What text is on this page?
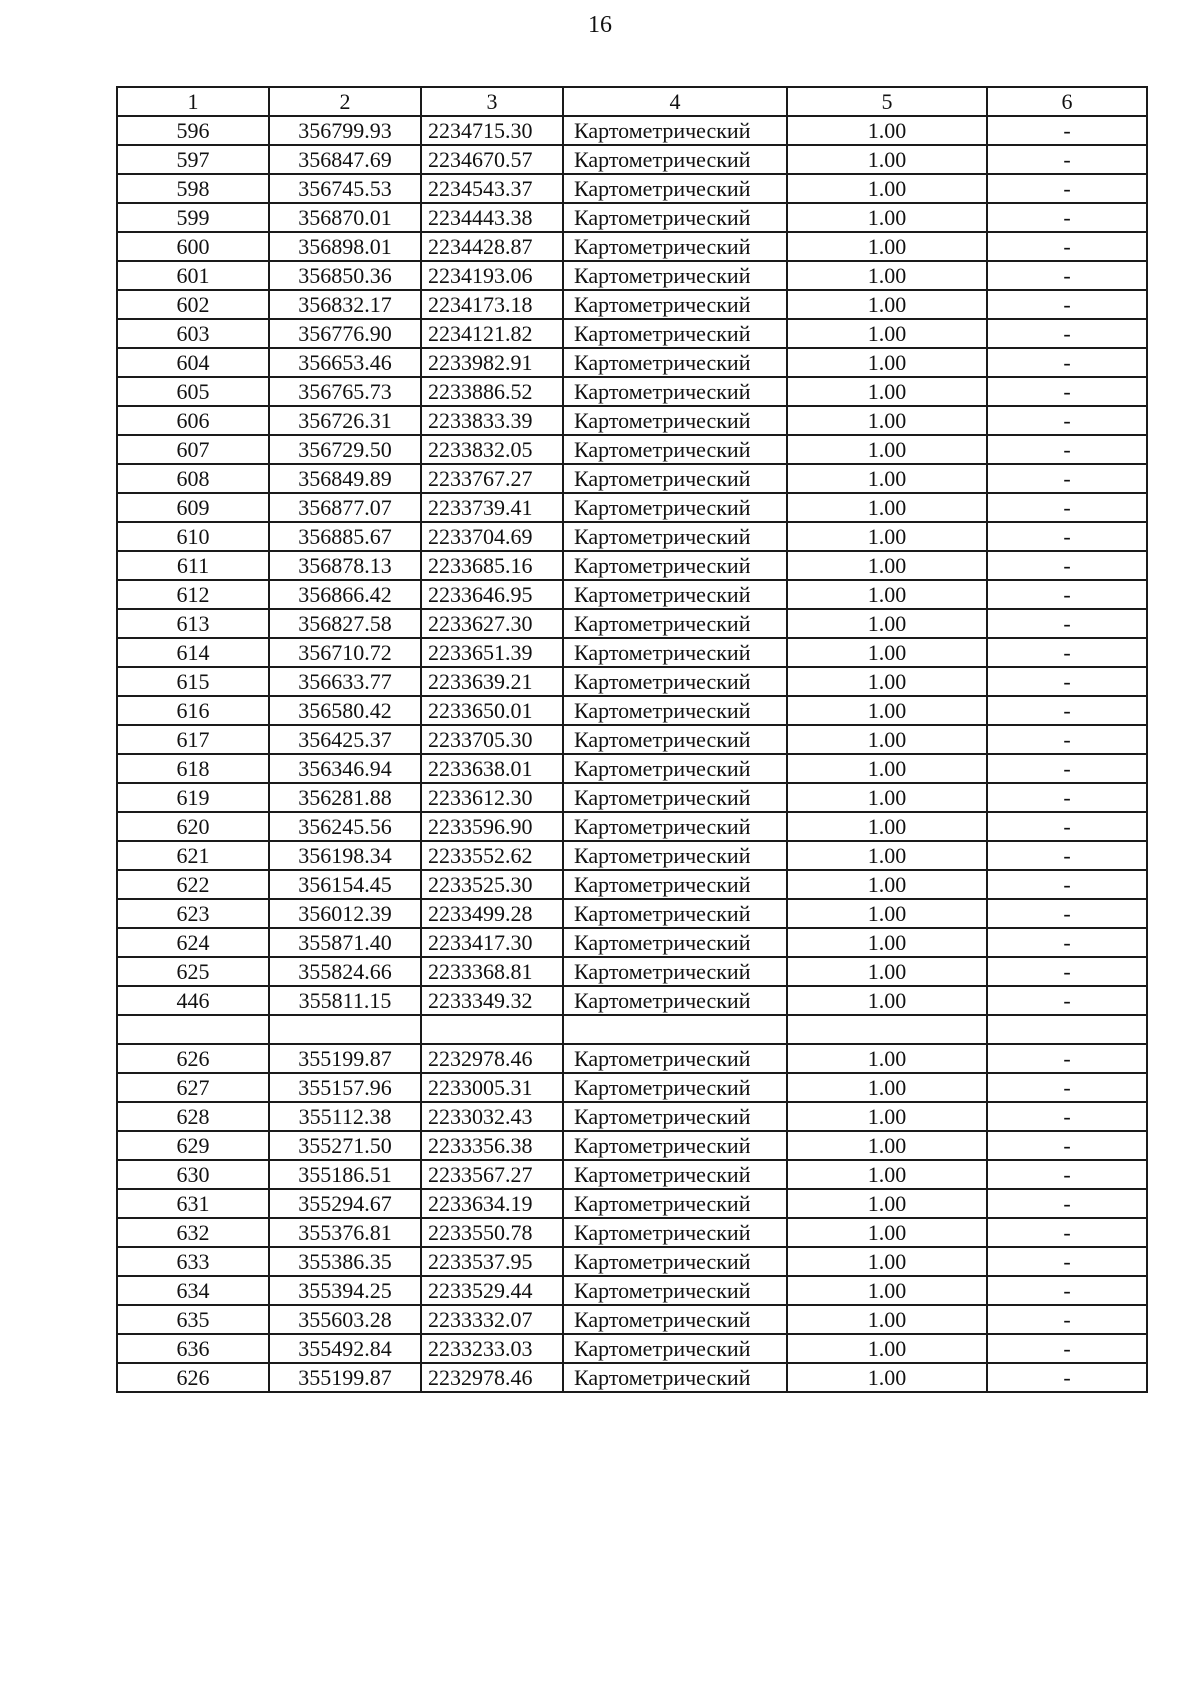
16
1	2	3	4	5	6
596	356799.93	2234715.30	Картометрический	1.00	-
597	356847.69	2234670.57	Картометрический	1.00	-
598	356745.53	2234543.37	Картометрический	1.00	-
599	356870.01	2234443.38	Картометрический	1.00	-
600	356898.01	2234428.87	Картометрический	1.00	-
601	356850.36	2234193.06	Картометрический	1.00	-
602	356832.17	2234173.18	Картометрический	1.00	-
603	356776.90	2234121.82	Картометрический	1.00	-
604	356653.46	2233982.91	Картометрический	1.00	-
605	356765.73	2233886.52	Картометрический	1.00	-
606	356726.31	2233833.39	Картометрический	1.00	-
607	356729.50	2233832.05	Картометрический	1.00	-
608	356849.89	2233767.27	Картометрический	1.00	-
609	356877.07	2233739.41	Картометрический	1.00	-
610	356885.67	2233704.69	Картометрический	1.00	-
611	356878.13	2233685.16	Картометрический	1.00	-
612	356866.42	2233646.95	Картометрический	1.00	-
613	356827.58	2233627.30	Картометрический	1.00	-
614	356710.72	2233651.39	Картометрический	1.00	-
615	356633.77	2233639.21	Картометрический	1.00	-
616	356580.42	2233650.01	Картометрический	1.00	-
617	356425.37	2233705.30	Картометрический	1.00	-
618	356346.94	2233638.01	Картометрический	1.00	-
619	356281.88	2233612.30	Картометрический	1.00	-
620	356245.56	2233596.90	Картометрический	1.00	-
621	356198.34	2233552.62	Картометрический	1.00	-
622	356154.45	2233525.30	Картометрический	1.00	-
623	356012.39	2233499.28	Картометрический	1.00	-
624	355871.40	2233417.30	Картометрический	1.00	-
625	355824.66	2233368.81	Картометрический	1.00	-
446	355811.15	2233349.32	Картометрический	1.00	-

626	355199.87	2232978.46	Картометрический	1.00	-
627	355157.96	2233005.31	Картометрический	1.00	-
628	355112.38	2233032.43	Картометрический	1.00	-
629	355271.50	2233356.38	Картометрический	1.00	-
630	355186.51	2233567.27	Картометрический	1.00	-
631	355294.67	2233634.19	Картометрический	1.00	-
632	355376.81	2233550.78	Картометрический	1.00	-
633	355386.35	2233537.95	Картометрический	1.00	-
634	355394.25	2233529.44	Картометрический	1.00	-
635	355603.28	2233332.07	Картометрический	1.00	-
636	355492.84	2233233.03	Картометрический	1.00	-
626	355199.87	2232978.46	Картометрический	1.00	-
